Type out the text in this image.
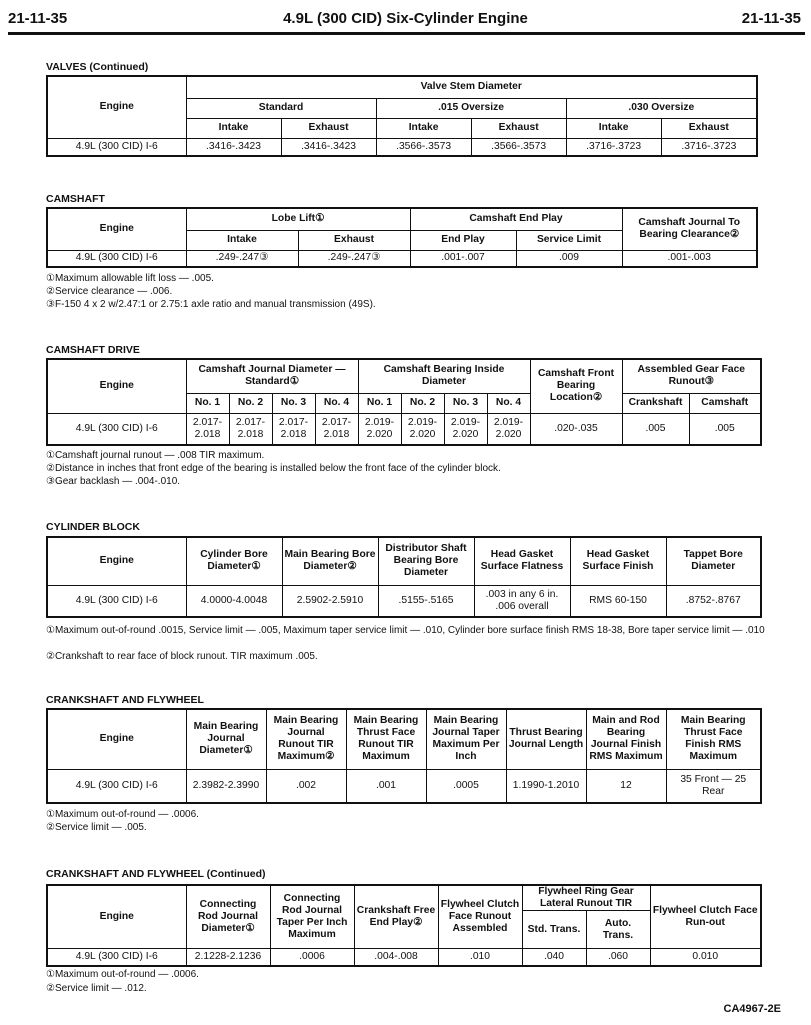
21-11-35	4.9L (300 CID) Six-Cylinder Engine	21-11-35
VALVES (Continued)
Engine	Valve Stem Diameter					
	Standard		.015 Oversize		.030 Oversize	
	Intake	Exhaust	Intake	Exhaust	Intake	Exhaust
4.9L (300 CID) I-6	.3416-.3423	.3416-.3423	.3566-.3573	.3566-.3573	.3716-.3723	.3716-.3723
CAMSHAFT
Engine	Lobe Lift①		Camshaft End Play		Camshaft Journal To Bearing Clearance②
	Intake	Exhaust	End Play	Service Limit	
4.9L (300 CID) I-6	.249-.247③	.249-.247③	.001-.007	.009	.001-.003
①Maximum allowable lift loss — .005.
②Service clearance — .006.
③F-150 4 x 2 w/2.47:1 or 2.75:1 axle ratio and manual transmission (49S).
CAMSHAFT DRIVE
Engine	Camshaft Journal Diameter — Standard①				Camshaft Bearing Inside Diameter				Camshaft Front Bearing Location②	Assembled Gear Face Runout③	
	No. 1	No. 2	No. 3	No. 4	No. 1	No. 2	No. 3	No. 4		Crankshaft	Camshaft
4.9L (300 CID) I-6	2.017-2.018	2.017-2.018	2.017-2.018	2.017-2.018	2.019-2.020	2.019-2.020	2.019-2.020	2.019-2.020	.020-.035	.005	.005
①Camshaft journal runout — .008 TIR maximum.
②Distance in inches that front edge of the bearing is installed below the front face of the cylinder block.
③Gear backlash — .004-.010.
CYLINDER BLOCK
Engine	Cylinder Bore Diameter①	Main Bearing Bore Diameter②	Distributor Shaft Bearing Bore Diameter	Head Gasket Surface Flatness	Head Gasket Surface Finish	Tappet Bore Diameter
4.9L (300 CID) I-6	4.0000-4.0048	2.5902-2.5910	.5155-.5165	.003 in any 6 in. .006 overall	RMS 60-150	.8752-.8767
①Maximum out-of-round .0015, Service limit — .005, Maximum taper service limit — .010, Cylinder bore surface finish RMS 18-38, Bore taper service limit — .010
②Crankshaft to rear face of block runout. TIR maximum .005.
CRANKSHAFT AND FLYWHEEL
Engine	Main Bearing Journal Diameter①	Main Bearing Journal Runout TIR Maximum②	Main Bearing Thrust Face Runout TIR Maximum	Main Bearing Journal Taper Maximum Per Inch	Thrust Bearing Journal Length	Main and Rod Bearing Journal Finish RMS Maximum	Main Bearing Thrust Face Finish RMS Maximum
4.9L (300 CID) I-6	2.3982-2.3990	.002	.001	.0005	1.1990-1.2010	12	35 Front — 25 Rear
①Maximum out-of-round — .0006.
②Service limit — .005.
CRANKSHAFT AND FLYWHEEL (Continued)
Engine	Connecting Rod Journal Diameter①	Connecting Rod Journal Taper Per Inch Maximum	Crankshaft Free End Play②	Flywheel Clutch Face Runout Assembled	Flywheel Ring Gear Lateral Runout TIR		Flywheel Clutch Face Run-out
					Std. Trans.	Auto. Trans.	
4.9L (300 CID) I-6	2.1228-2.1236	.0006	.004-.008	.010	.040	.060	0.010
①Maximum out-of-round — .0006.
②Service limit — .012.
CA4967-2E
